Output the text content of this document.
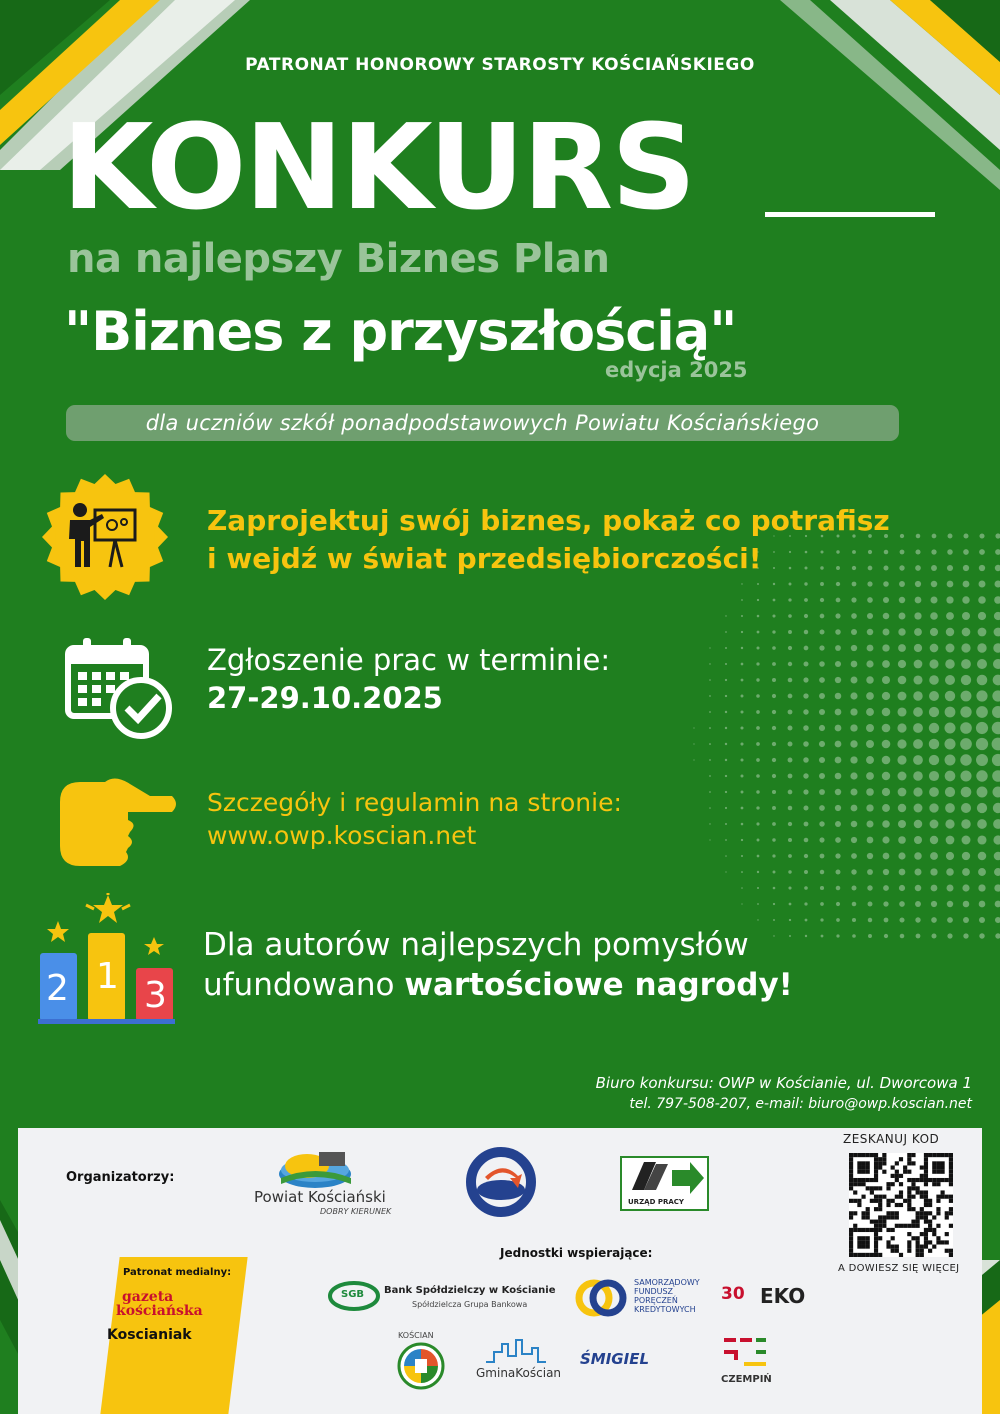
PATRONAT HONOROWY STAROSTY KOŚCIAŃSKIEGO
KONKURS
na najlepszy Biznes Plan
"Biznes z przyszłością"
edycja 2025
dla uczniów szkół ponadpodstawowych Powiatu Kościańskiego
Zaprojektuj swój biznes, pokaż co potrafisz
i wejdź w świat przedsiębiorczości!
Zgłoszenie prac w terminie:
27-29.10.2025
Szczegóły i regulamin na stronie:
www.owp.koscian.net
2 1 3
Dla autorów najlepszych pomysłów
ufundowano wartościowe nagrody!
Biuro konkursu: OWP w Kościanie, ul. Dworcowa 1
tel. 797-508-207, e-mail: biuro@owp.koscian.net
Organizatorzy:
Powiat Kościański
DOBRY KIERUNEK
URZĄD PRACY
ZESKANUJ KOD
A DOWIESZ SIĘ WIĘCEJ
Jednostki wspierające:
Patronat medialny:
gazeta
kościańska
Koscianiak
SGB Bank Spółdzielczy w Kościanie
Spółdzielcza Grupa Bankowa
SAMORZĄDOWY
FUNDUSZ
PORĘCZEŃ
KREDYTOWYCH
30 EKO
KOŚCIAN
GminaKościan
ŚMIGIEL
CZEMPIŃ
